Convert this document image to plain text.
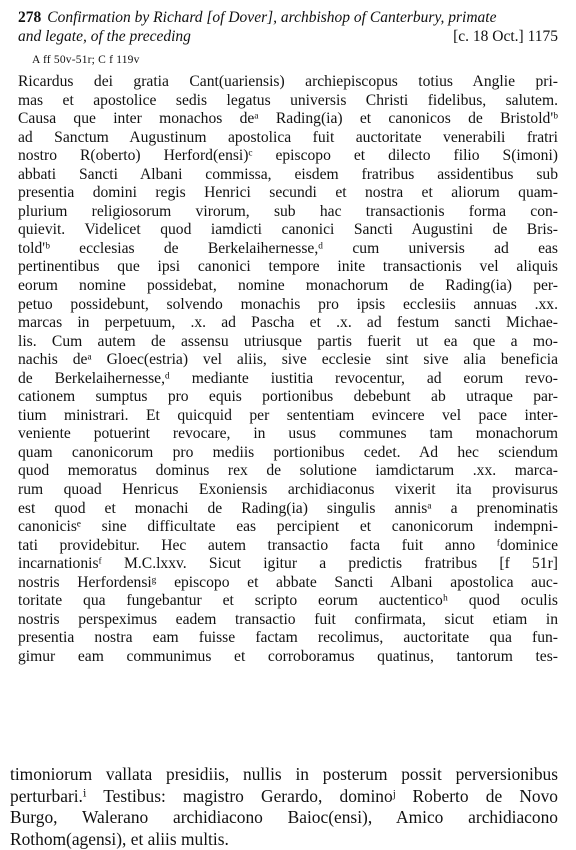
278 Confirmation by Richard [of Dover], archbishop of Canterbury, primate
and legate, of the preceding	[c. 18 Oct.] 1175
A ff 50v-51r; C f 119v
Ricardus dei gratia Cant(uariensis) archiepiscopus totius Anglie pri-
mas et apostolice sedis legatus universis Christi fidelibus, salutem.
Causa que inter monachos deᵃ Rading(ia) et canonicos de Bristold'ᵇ
ad Sanctum Augustinum apostolica fuit auctoritate venerabili fratri
nostro R(oberto) Herford(ensi)ᶜ episcopo et dilecto filio S(imoni)
abbati Sancti Albani commissa, eisdem fratribus assidentibus sub
presentia domini regis Henrici secundi et nostra et aliorum quam-
plurium religiosorum virorum, sub hac transactionis forma con-
quievit. Videlicet quod iamdicti canonici Sancti Augustini de Bris-
told'ᵇ ecclesias de Berkelaihernesse,ᵈ cum universis ad eas
pertinentibus que ipsi canonici tempore inite transactionis vel aliquis
eorum nomine possidebat, nomine monachorum de Rading(ia) per-
petuo possidebunt, solvendo monachis pro ipsis ecclesiis annuas .xx.
marcas in perpetuum, .x. ad Pascha et .x. ad festum sancti Michae-
lis. Cum autem de assensu utriusque partis fuerit ut ea que a mo-
nachis deᵃ Gloec(estria) vel aliis, sive ecclesie sint sive alia beneficia
de Berkelaihernesse,ᵈ mediante iustitia revocentur, ad eorum revo-
cationem sumptus pro equis portionibus debebunt ab utraque par-
tium ministrari. Et quicquid per sententiam evincere vel pace inter-
veniente potuerint revocare, in usus communes tam monachorum
quam canonicorum pro mediis portionibus cedet. Ad hec sciendum
quod memoratus dominus rex de solutione iamdictarum .xx. marca-
rum quoad Henricus Exoniensis archidiaconus vixerit ita provisurus
est quod et monachi de Rading(ia) singulis annisᵃ a prenominatis
canonicisᵉ sine difficultate eas percipient et canonicorum indempni-
tati providebitur. Hec autem transactio facta fuit anno ᶠdominice
incarnationisᶠ M.C.lxxv. Sicut igitur a predictis fratribus [f 51r]
nostris Herfordensiᵍ episcopo et abbate Sancti Albani apostolica auc-
toritate qua fungebantur et scripto eorum auctenticoʰ quod oculis
nostris perspeximus eadem transactio fuit confirmata, sicut etiam in
presentia nostra eam fuisse factam recolimus, auctoritate qua fun-
gimur eam communimus et corroboramus quatinus, tantorum tes-
timoniorum vallata presidiis, nullis in posterum possit perversionibus
perturbari.ⁱ Testibus: magistro Gerardo, dominoʲ Roberto de Novo
Burgo, Walerano archidiacono Baioc(ensi), Amico archidiacono
Rothom(agensi), et aliis multis.
